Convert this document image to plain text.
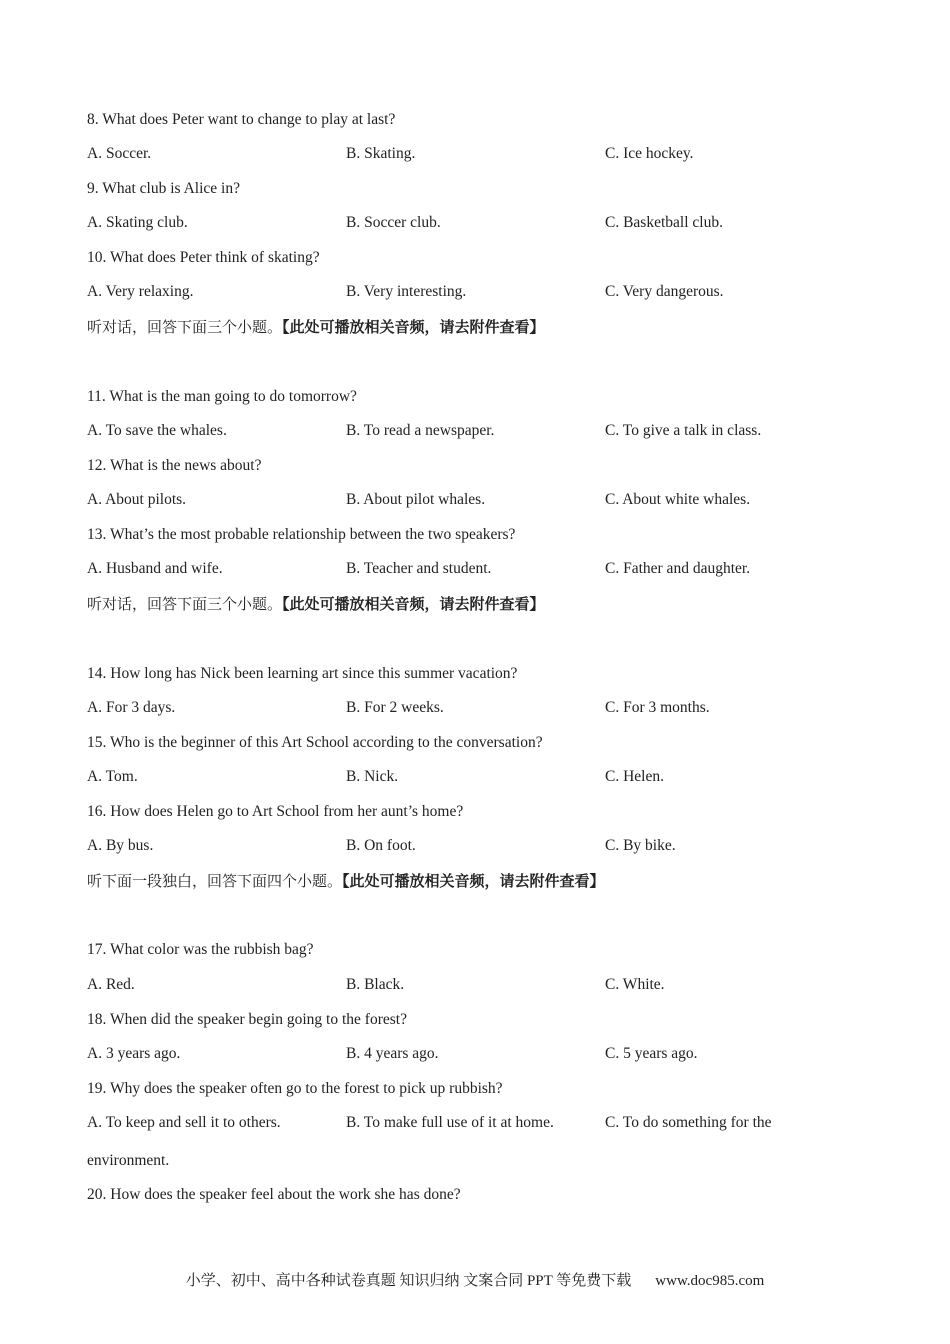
8. What does Peter want to change to play at last?
A. Soccer.	B. Skating.	C. Ice hockey.
9. What club is Alice in?
A. Skating club.	B. Soccer club.	C. Basketball club.
10. What does Peter think of skating?
A. Very relaxing.	B. Very interesting.	C. Very dangerous.
听对话，回答下面三个小题。【此处可播放相关音频，请去附件查看】
11. What is the man going to do tomorrow?
A. To save the whales.	B. To read a newspaper.	C. To give a talk in class.
12. What is the news about?
A. About pilots.	B. About pilot whales.	C. About white whales.
13. What’s the most probable relationship between the two speakers?
A. Husband and wife.	B. Teacher and student.	C. Father and daughter.
听对话，回答下面三个小题。【此处可播放相关音频，请去附件查看】
14. How long has Nick been learning art since this summer vacation?
A. For 3 days.	B. For 2 weeks.	C. For 3 months.
15. Who is the beginner of this Art School according to the conversation?
A. Tom.	B. Nick.	C. Helen.
16. How does Helen go to Art School from her aunt’s home?
A. By bus.	B. On foot.	C. By bike.
听下面一段独白，回答下面四个小题。【此处可播放相关音频，请去附件查看】
17. What color was the rubbish bag?
A. Red.	B. Black.	C. White.
18. When did the speaker begin going to the forest?
A. 3 years ago.	B. 4 years ago.	C. 5 years ago.
19. Why does the speaker often go to the forest to pick up rubbish?
A. To keep and sell it to others.	B. To make full use of it at home.	C. To do something for the
environment.
20. How does the speaker feel about the work she has done?
小学、初中、高中各种试卷真题 知识归纳 文案合同 PPT 等免费下载 www.doc985.com
